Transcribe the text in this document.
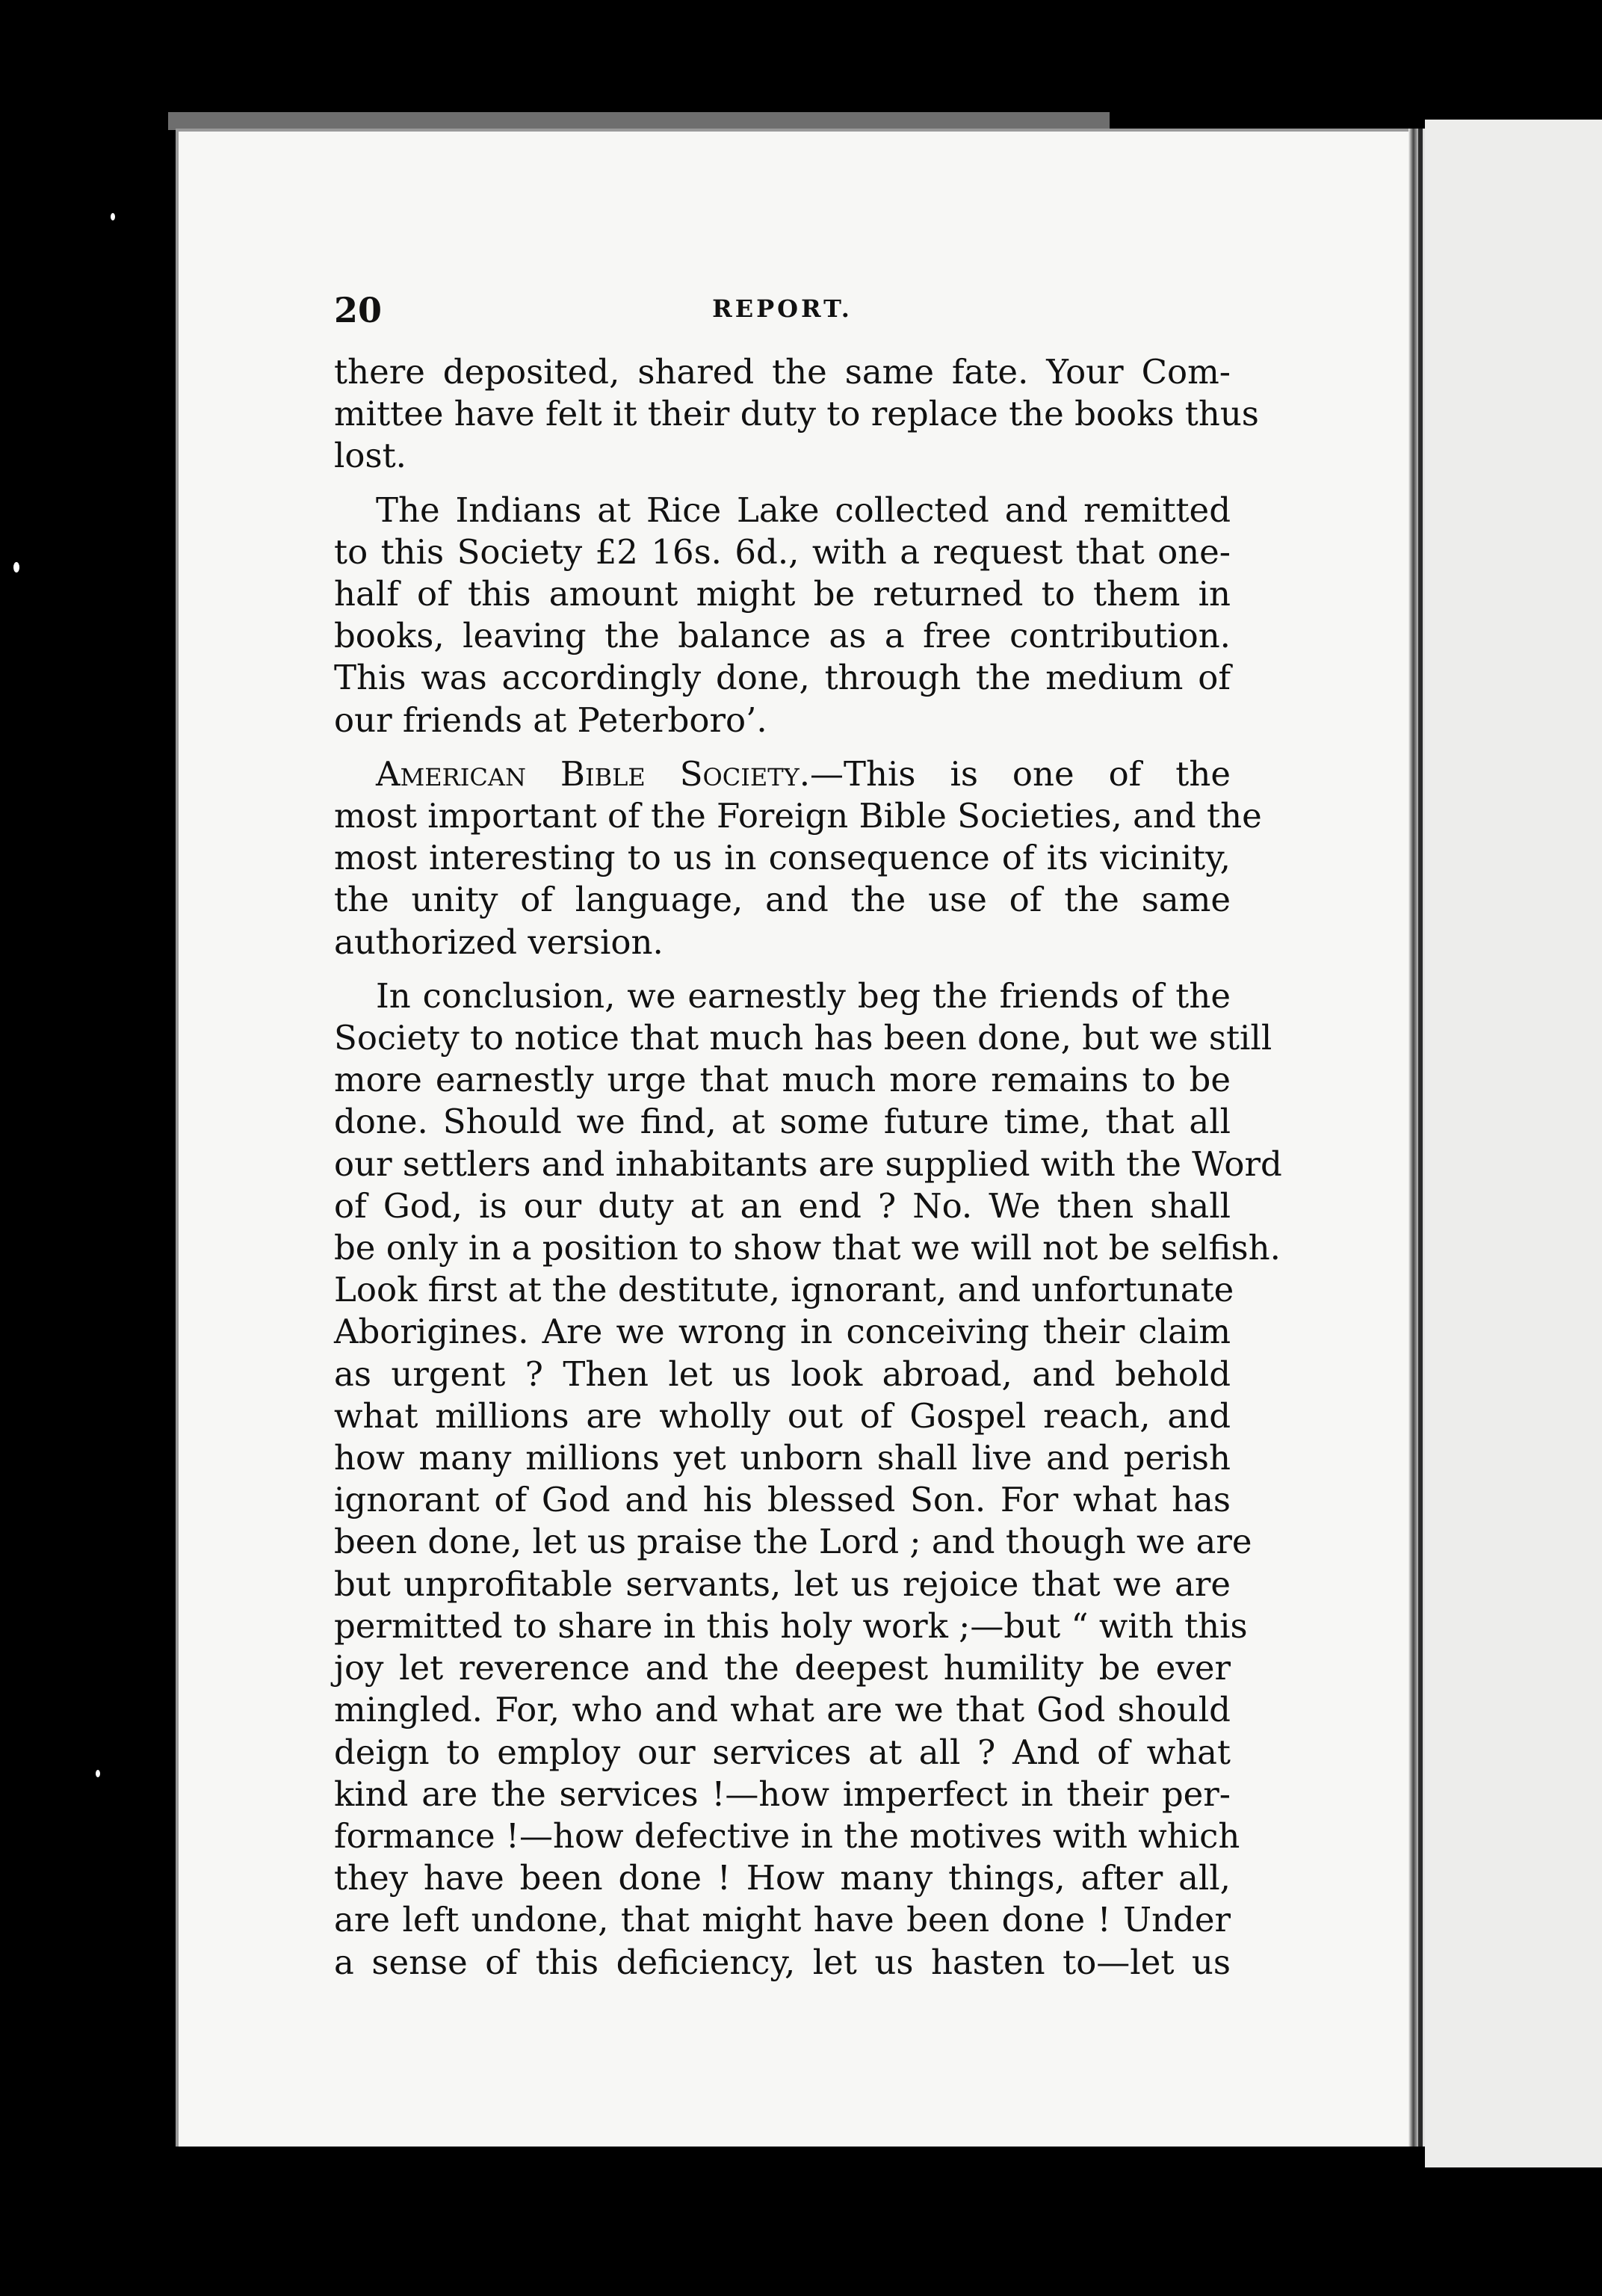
20	REPORT.
there deposited, shared the same fate. Your Com-
mittee have felt it their duty to replace the books thus
lost.
The Indians at Rice Lake collected and remitted
to this Society £2 16s. 6d., with a request that one-
half of this amount might be returned to them in
books, leaving the balance as a free contribution.
This was accordingly done, through the medium of
our friends at Peterboro’.
American Bible Society.—This is one of the
most important of the Foreign Bible Societies, and the
most interesting to us in consequence of its vicinity,
the unity of language, and the use of the same
authorized version.
In conclusion, we earnestly beg the friends of the
Society to notice that much has been done, but we still
more earnestly urge that much more remains to be
done. Should we find, at some future time, that all
our settlers and inhabitants are supplied with the Word
of God, is our duty at an end ? No. We then shall
be only in a position to show that we will not be selfish.
Look first at the destitute, ignorant, and unfortunate
Aborigines. Are we wrong in conceiving their claim
as urgent ? Then let us look abroad, and behold
what millions are wholly out of Gospel reach, and
how many millions yet unborn shall live and perish
ignorant of God and his blessed Son. For what has
been done, let us praise the Lord ; and though we are
but unprofitable servants, let us rejoice that we are
permitted to share in this holy work ;—but “ with this
joy let reverence and the deepest humility be ever
mingled. For, who and what are we that God should
deign to employ our services at all ? And of what
kind are the services !—how imperfect in their per-
formance !—how defective in the motives with which
they have been done ! How many things, after all,
are left undone, that might have been done ! Under
a sense of this deficiency, let us hasten to—let us
